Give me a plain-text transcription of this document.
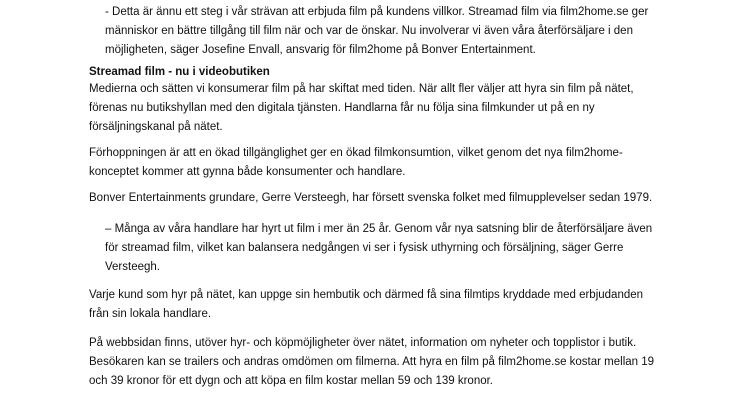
- Detta är ännu ett steg i vår strävan att erbjuda film på kundens villkor. Streamad film via film2home.se ger
människor en bättre tillgång till film när och var de önskar. Nu involverar vi även våra återförsäljare i den
möjligheten, säger Josefine Envall, ansvarig för film2home på Bonver Entertainment.

Streamad film - nu i videobutiken

Medierna och sätten vi konsumerar film på har skiftat med tiden. När allt fler väljer att hyra sin film på nätet,
förenas nu butikshyllan med den digitala tjänsten. Handlarna får nu följa sina filmkunder ut på en ny
försäljningskanal på nätet.

Förhoppningen är att en ökad tillgänglighet ger en ökad filmkonsumtion, vilket genom det nya film2home-
konceptet kommer att gynna både konsumenter och handlare.

Bonver Entertainments grundare, Gerre Versteegh, har försett svenska folket med filmupplevelser sedan 1979.

– Många av våra handlare har hyrt ut film i mer än 25 år. Genom vår nya satsning blir de återförsäljare även
för streamad film, vilket kan balansera nedgången vi ser i fysisk uthyrning och försäljning, säger Gerre
Versteegh.

Varje kund som hyr på nätet, kan uppge sin hembutik och därmed få sina filmtips kryddade med erbjudanden
från sin lokala handlare.

På webbsidan finns, utöver hyr- och köpmöjligheter över nätet, information om nyheter och topplistor i butik.
Besökaren kan se trailers och andras omdömen om filmerna. Att hyra en film på film2home.se kostar mellan 19
och 39 kronor för ett dygn och att köpa en film kostar mellan 59 och 139 kronor.
